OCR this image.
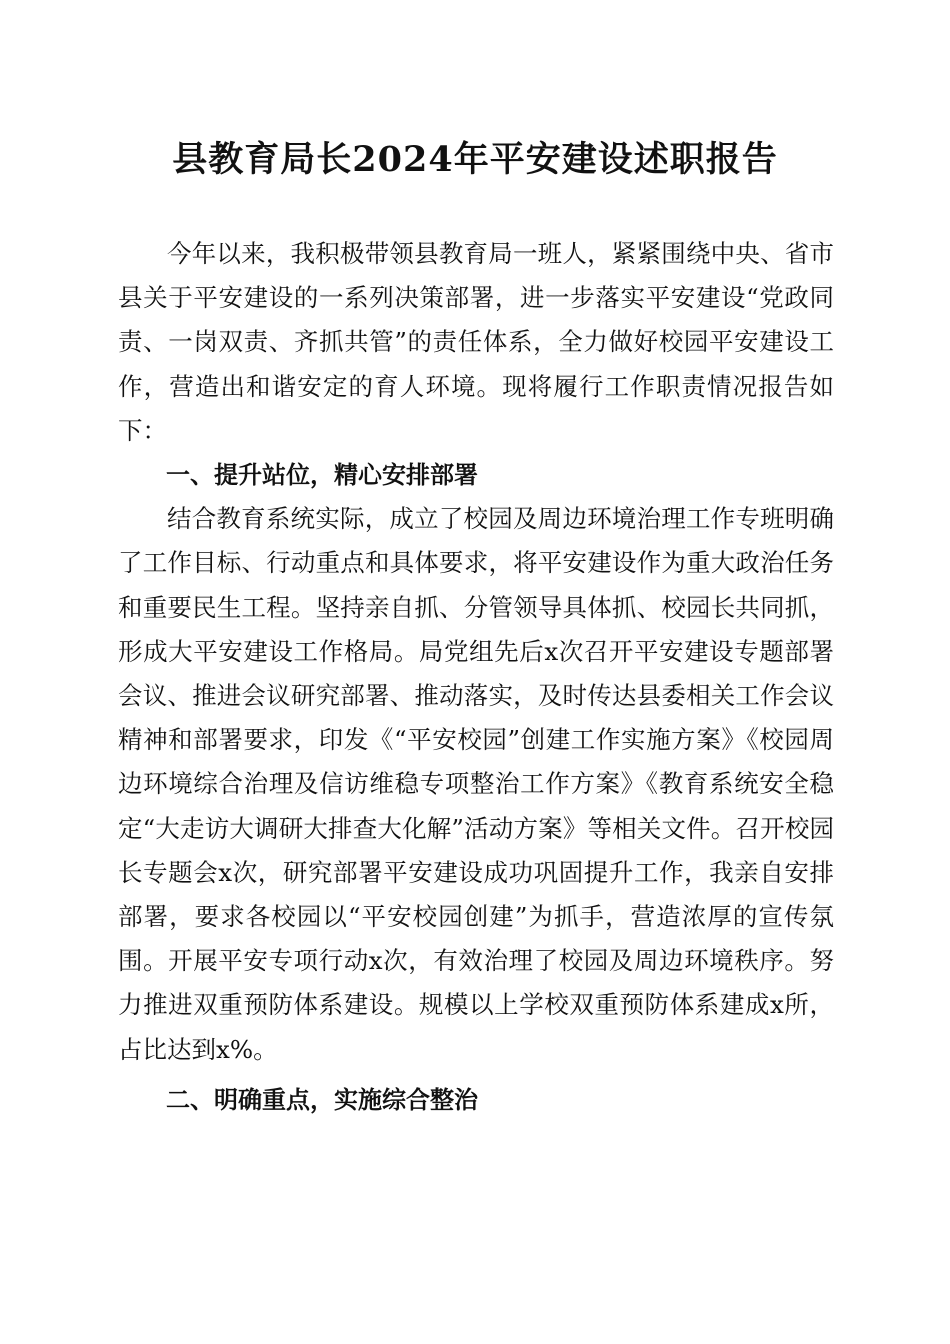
县教育局长2024年平安建设述职报告

今年以来，我积极带领县教育局一班人，紧紧围绕中央、省市县关于平安建设的一系列决策部署，进一步落实平安建设“党政同责、一岗双责、齐抓共管”的责任体系，全力做好校园平安建设工作，营造出和谐安定的育人环境。现将履行工作职责情况报告如下：

一、提升站位，精心安排部署

结合教育系统实际，成立了校园及周边环境治理工作专班明确了工作目标、行动重点和具体要求，将平安建设作为重大政治任务和重要民生工程。坚持亲自抓、分管领导具体抓、校园长共同抓，形成大平安建设工作格局。局党组先后x次召开平安建设专题部署会议、推进会议研究部署、推动落实，及时传达县委相关工作会议精神和部署要求，印发《“平安校园”创建工作实施方案》《校园周边环境综合治理及信访维稳专项整治工作方案》《教育系统安全稳定“大走访大调研大排查大化解”活动方案》等相关文件。召开校园长专题会x次，研究部署平安建设成功巩固提升工作，我亲自安排部署，要求各校园以“平安校园创建”为抓手，营造浓厚的宣传氛围。开展平安专项行动x次，有效治理了校园及周边环境秩序。努力推进双重预防体系建设。规模以上学校双重预防体系建成x所，占比达到x%。

二、明确重点，实施综合整治
